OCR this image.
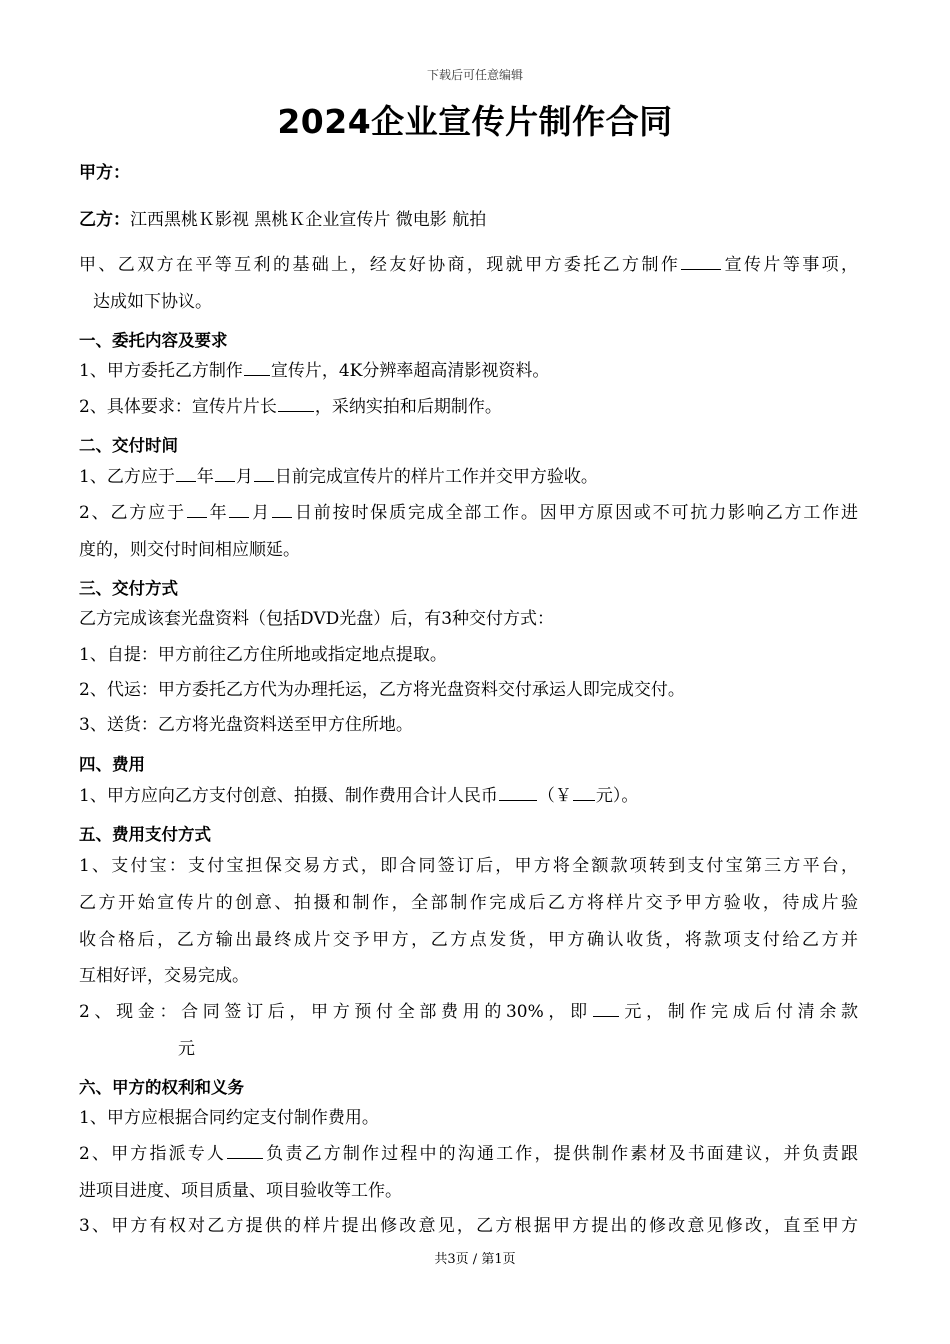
下载后可任意编辑
2024企业宣传片制作合同
甲方：
乙方：江西黑桃Ｋ影视 黑桃Ｋ企业宣传片 微电影 航拍
甲、乙双方在平等互利的基础上，经友好协商，现就甲方委托乙方制作 宣传片等事项，
达成如下协议。
一、委托内容及要求
1、甲方委托乙方制作 宣传片，4K分辨率超高清影视资料。
2、具体要求：宣传片片长 ，采纳实拍和后期制作。
二、交付时间
1、乙方应于 年 月 日前完成宣传片的样片工作并交甲方验收。
2、乙方应于 年 月 日前按时保质完成全部工作。因甲方原因或不可抗力影响乙方工作进
度的，则交付时间相应顺延。
三、交付方式
乙方完成该套光盘资料（包括DVD光盘）后，有3种交付方式：
1、自提：甲方前往乙方住所地或指定地点提取。
2、代运：甲方委托乙方代为办理托运，乙方将光盘资料交付承运人即完成交付。
3、送货：乙方将光盘资料送至甲方住所地。
四、费用
1、甲方应向乙方支付创意、拍摄、制作费用合计人民币 （￥ 元）。
五、费用支付方式
1、支付宝：支付宝担保交易方式，即合同签订后，甲方将全额款项转到支付宝第三方平台，
乙方开始宣传片的创意、拍摄和制作，全部制作完成后乙方将样片交予甲方验收，待成片验
收合格后，乙方输出最终成片交予甲方，乙方点发货，甲方确认收货，将款项支付给乙方并
互相好评，交易完成。
2、现金：合同签订后，甲方预付全部费用的30%，即 元，制作完成后付清余款
元
六、甲方的权利和义务
1、甲方应根据合同约定支付制作费用。
2、甲方指派专人 负责乙方制作过程中的沟通工作，提供制作素材及书面建议，并负责跟
进项目进度、项目质量、项目验收等工作。
3、甲方有权对乙方提供的样片提出修改意见，乙方根据甲方提出的修改意见修改，直至甲方
共3页 / 第1页
